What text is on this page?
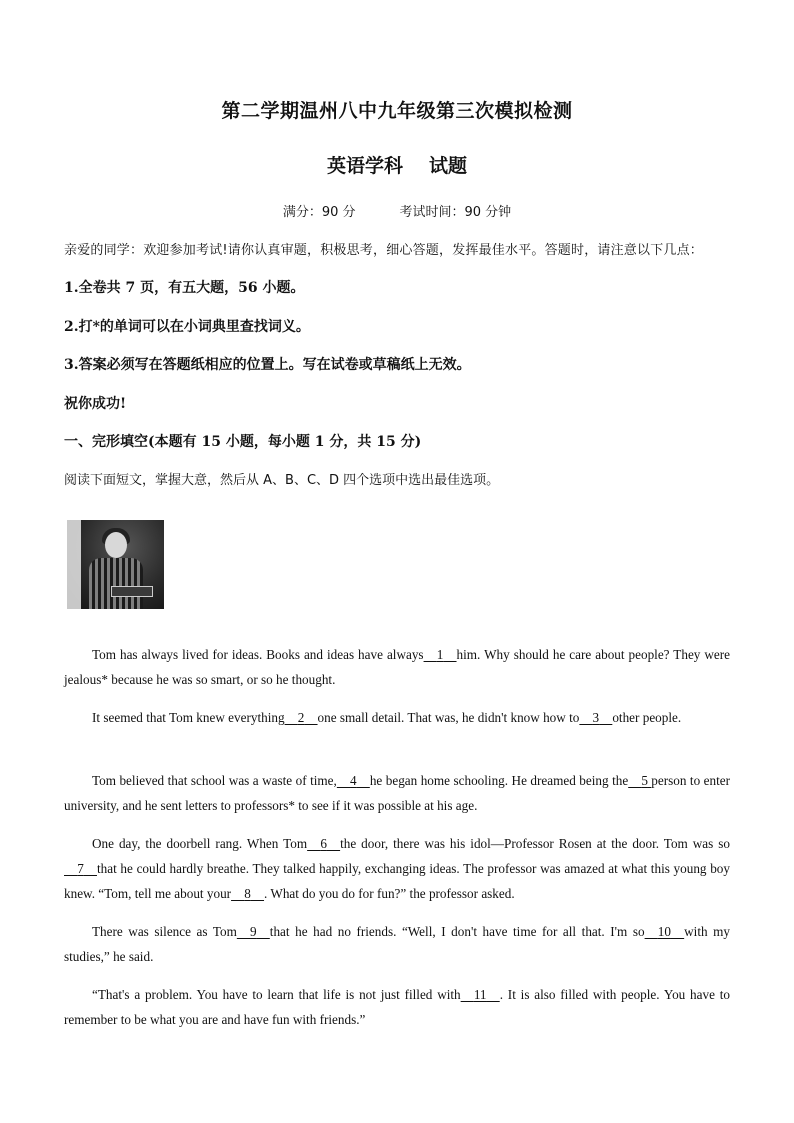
第二学期温州八中九年级第三次模拟检测
英语学科 试题
满分：90 分	考试时间：90 分钟
亲爱的同学：欢迎参加考试!请你认真审题，积极思考，细心答题，发挥最佳水平。答题时，请注意以下几点：
1.全卷共 7 页，有五大题，56 小题。
2.打*的单词可以在小词典里查找词义。
3.答案必须写在答题纸相应的位置上。写在试卷或草稿纸上无效。
祝你成功!
一、完形填空(本题有 15 小题，每小题 1 分，共 15 分)
阅读下面短文，掌握大意，然后从 A、B、C、D 四个选项中选出最佳选项。
Tom has always lived for ideas. Books and ideas have always 1 him. Why should he care about people? They were jealous* because he was so smart, or so he thought.
It seemed that Tom knew everything 2 one small detail. That was, he didn't know how to 3 other people.
Tom believed that school was a waste of time, 4 he began home schooling. He dreamed being the 5 person to enter university, and he sent letters to professors* to see if it was possible at his age.
One day, the doorbell rang. When Tom 6 the door, there was his idol—Professor Rosen at the door. Tom was so    7 that he could hardly breathe. They talked happily, exchanging ideas. The professor was amazed at what this young boy knew. “Tom, tell me about your 8 . What do you do for fun?” the professor asked.
There was silence as Tom 9 that he had no friends. “Well, I don't have time for all that. I'm so 10 with my studies,” he said.
“That's a problem. You have to learn that life is not just filled with 11 . It is also filled with people. You have to remember to be what you are and have fun with friends.”
